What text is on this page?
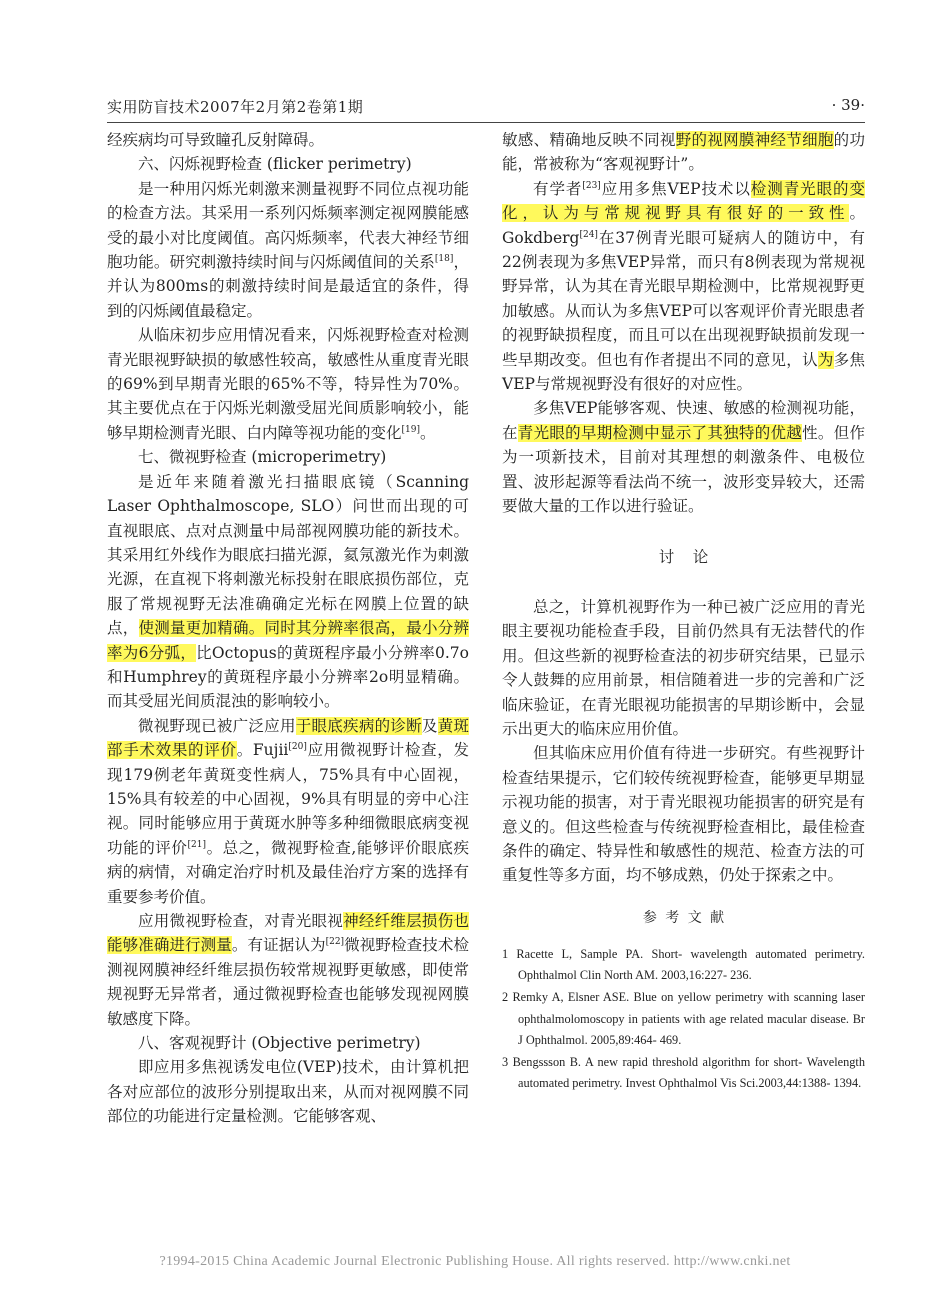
实用防盲技术2007年2月第2卷第1期	· 39·

经疾病均可导致瞳孔反射障碍。

六、闪烁视野检查 (flicker perimetry)

是一种用闪烁光刺激来测量视野不同位点视功能的检查方法。其采用一系列闪烁频率测定视网膜能感受的最小对比度阈值。高闪烁频率，代表大神经节细胞功能。研究刺激持续时间与闪烁阈值间的关系[18]，并认为800ms的刺激持续时间是最适宜的条件，得到的闪烁阈值最稳定。

从临床初步应用情况看来，闪烁视野检查对检测青光眼视野缺损的敏感性较高，敏感性从重度青光眼的69%到早期青光眼的65%不等，特异性为70%。其主要优点在于闪烁光刺激受屈光间质影响较小，能够早期检测青光眼、白内障等视功能的变化[19]。

七、微视野检查 (microperimetry)

是近年来随着激光扫描眼底镜（Scanning Laser Ophthalmoscope, SLO）问世而出现的可直视眼底、点对点测量中局部视网膜功能的新技术。其采用红外线作为眼底扫描光源，氦氖激光作为刺激光源，在直视下将刺激光标投射在眼底损伤部位，克服了常规视野无法准确确定光标在网膜上位置的缺点，使测量更加精确。同时其分辨率很高，最小分辨率为6分弧，比Octopus的黄斑程序最小分辨率0.7o和Humphrey的黄斑程序最小分辨率2o明显精确。而其受屈光间质混浊的影响较小。

微视野现已被广泛应用于眼底疾病的诊断及黄斑部手术效果的评价。Fujii[20]应用微视野计检查，发现179例老年黄斑变性病人，75%具有中心固视，15%具有较差的中心固视，9%具有明显的旁中心注视。同时能够应用于黄斑水肿等多种细微眼底病变视功能的评价[21]。总之，微视野检查,能够评价眼底疾病的病情，对确定治疗时机及最佳治疗方案的选择有重要参考价值。

应用微视野检查，对青光眼视神经纤维层损伤也能够准确进行测量。有证据认为[22]微视野检查技术检测视网膜神经纤维层损伤较常规视野更敏感，即使常规视野无异常者，通过微视野检查也能够发现视网膜敏感度下降。

八、客观视野计 (Objective perimetry)

即应用多焦视诱发电位(VEP)技术，由计算机把各对应部位的波形分别提取出来，从而对视网膜不同部位的功能进行定量检测。它能够客观、

敏感、精确地反映不同视野的视网膜神经节细胞的功能，常被称为“客观视野计”。

有学者[23]应用多焦VEP技术以检测青光眼的变化，认为与常规视野具有很好的一致性。Gokdberg[24]在37例青光眼可疑病人的随访中，有22例表现为多焦VEP异常，而只有8例表现为常规视野异常，认为其在青光眼早期检测中，比常规视野更加敏感。从而认为多焦VEP可以客观评价青光眼患者的视野缺损程度，而且可以在出现视野缺损前发现一些早期改变。但也有作者提出不同的意见，认为多焦VEP与常规视野没有很好的对应性。

多焦VEP能够客观、快速、敏感的检测视功能，在青光眼的早期检测中显示了其独特的优越性。但作为一项新技术，目前对其理想的刺激条件、电极位置、波形起源等看法尚不统一，波形变异较大，还需要做大量的工作以进行验证。

讨论

总之，计算机视野作为一种已被广泛应用的青光眼主要视功能检查手段，目前仍然具有无法替代的作用。但这些新的视野检查法的初步研究结果，已显示令人鼓舞的应用前景，相信随着进一步的完善和广泛临床验证，在青光眼视功能损害的早期诊断中，会显示出更大的临床应用价值。

但其临床应用价值有待进一步研究。有些视野计检查结果提示，它们较传统视野检查，能够更早期显示视功能的损害，对于青光眼视功能损害的研究是有意义的。但这些检查与传统视野检查相比，最佳检查条件的确定、特异性和敏感性的规范、检查方法的可重复性等多方面，均不够成熟，仍处于探索之中。

参考文献

1 Racette L, Sample PA. Short- wavelength automated perimetry. Ophthalmol Clin North AM. 2003,16:227- 236.

2 Remky A, Elsner ASE. Blue on yellow perimetry with scanning laser ophthalmolomoscopy in patients with age related macular disease. Br J Ophthalmol. 2005,89:464- 469.

3 Bengssson B. A new rapid threshold algorithm for short- Wavelength automated perimetry. Invest Ophthalmol Vis Sci.2003,44:1388- 1394.

?1994-2015 China Academic Journal Electronic Publishing House. All rights reserved. http://www.cnki.net
